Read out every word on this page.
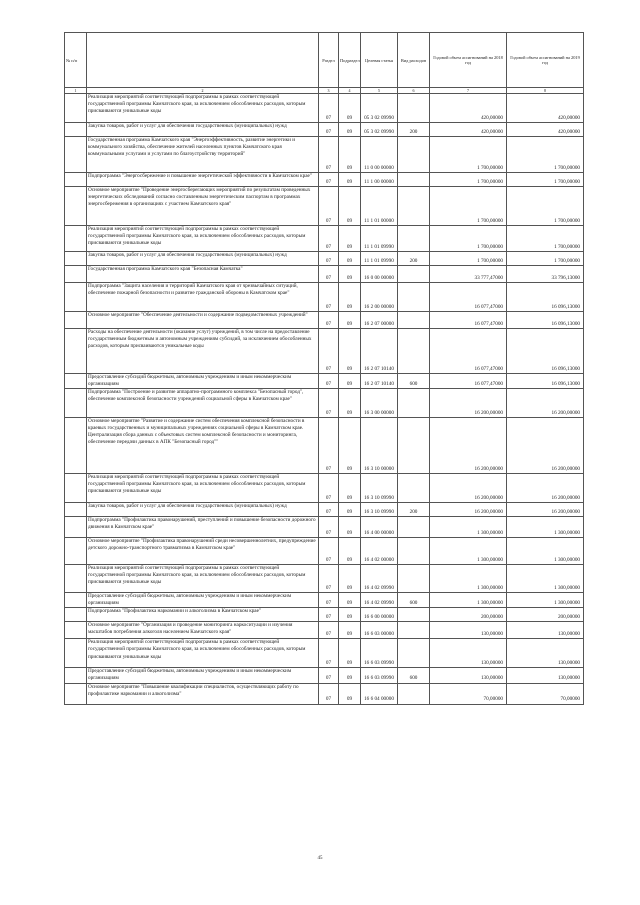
№ п/п		Раздел	Подраздел	Целевая статья	Вид расходов	Годовой объем ассигнований на 2018 год	Годовой объем ассигнований на 2019 год
1	2	3	4	5	6	7	8
	Реализация мероприятий соответствующей подпрограммы в рамках соответствующей государственной программы Камчатского края, за исключением обособленных расходов, которым присваиваются уникальные коды	07	09	05 3 02 09990		420,00000	420,00000
	Закупка товаров, работ и услуг для обеспечения государственных (муниципальных) нужд	07	09	05 3 02 09990	200	420,00000	420,00000
	Государственная программа Камчатского края "Энергоэффективность, развитие энергетики и коммунального хозяйства, обеспечение жителей населенных пунктов Камчатского края коммунальными услугами и услугами по благоустройству территорий"	07	09	11 0 00 00000		1 700,00000	1 700,00000
	Подпрограмма "Энергосбережение и повышение энергетической эффективности в Камчатском крае"	07	09	11 1 00 00000		1 700,00000	1 700,00000
	Основное мероприятие "Проведение энергосберегающих мероприятий по результатам проведенных энергетических обследований согласно составленным энергетическим паспортам в программах энергосбережения в организациях с участием Камчатского края"	07	09	11 1 01 00000		1 700,00000	1 700,00000
	Реализация мероприятий соответствующей подпрограммы в рамках соответствующей государственной программы Камчатского края, за исключением обособленных расходов, которым присваиваются уникальные коды	07	09	11 1 01 09990		1 700,00000	1 700,00000
	Закупка товаров, работ и услуг для обеспечения государственных (муниципальных) нужд	07	09	11 1 01 09990	200	1 700,00000	1 700,00000
	Государственная программа Камчатского края "Безопасная Камчатка"	07	09	16 0 00 00000		33 777,47000	33 796,13000
	Подпрограмма "Защита населения и территорий Камчатского края от чрезвычайных ситуаций, обеспечение пожарной безопасности и развитие гражданской обороны в Камчатском крае"	07	09	16 2 00 00000		16 077,47000	16 096,13000
	Основное мероприятие "Обеспечение деятельности и содержание подведомственных учреждений"	07	09	16 2 07 00000		16 077,47000	16 096,13000
	Расходы на обеспечение деятельности (оказание услуг) учреждений, в том числе на предоставление государственным бюджетным и автономным учреждениям субсидий, за исключением обособленных расходов, которым присваиваются уникальные коды	07	09	16 2 07 10140		16 077,47000	16 096,13000
	Предоставление субсидий бюджетным, автономным учреждениям и иным некоммерческим организациям	07	09	16 2 07 10140	600	16 077,47000	16 096,13000
	Подпрограмма "Построение и развитие аппаратно-программного комплекса "Безопасный город", обеспечение комплексной безопасности учреждений социальной сферы в Камчатском крае"	07	09	16 3 00 00000		16 200,00000	16 200,00000
	Основное мероприятие "Развитие и содержание систем обеспечения комплексной безопасности в краевых государственных и муниципальных учреждениях социальной сферы в Камчатском крае. Централизация сбора данных с объектовых систем комплексной безопасности и мониторинга, обеспечение передачи данных в АПК "Безопасный город""	07	09	16 3 10 00000		16 200,00000	16 200,00000
	Реализация мероприятий соответствующей подпрограммы в рамках соответствующей государственной программы Камчатского края, за исключением обособленных расходов, которым присваиваются уникальные коды	07	09	16 3 10 09990		16 200,00000	16 200,00000
	Закупка товаров, работ и услуг для обеспечения государственных (муниципальных) нужд	07	09	16 3 10 09990	200	16 200,00000	16 200,00000
	Подпрограмма "Профилактика правонарушений, преступлений и повышение безопасности дорожного движения в Камчатском крае"	07	09	16 4 00 00000		1 300,00000	1 300,00000
	Основное мероприятие "Профилактика правонарушений среди несовершеннолетних, предупреждение детского дорожно-транспортного травматизма в Камчатском крае"	07	09	16 4 02 00000		1 300,00000	1 300,00000
	Реализация мероприятий соответствующей подпрограммы в рамках соответствующей государственной программы Камчатского края, за исключением обособленных расходов, которым присваиваются уникальные коды	07	09	16 4 02 09990		1 300,00000	1 300,00000
	Предоставление субсидий бюджетным, автономным учреждениям и иным некоммерческим организациям	07	09	16 4 02 09990	600	1 300,00000	1 300,00000
	Подпрограмма "Профилактика наркомании и алкоголизма в Камчатском крае"	07	09	16 6 00 00000		200,00000	200,00000
	Основное мероприятие "Организация и проведение мониторинга наркоситуации и изучения масштабов потребления алкоголя населением Камчатского края"	07	09	16 6 03 00000		130,00000	130,00000
	Реализация мероприятий соответствующей подпрограммы в рамках соответствующей государственной программы Камчатского края, за исключением обособленных расходов, которым присваиваются уникальные коды	07	09	16 6 03 09990		130,00000	130,00000
	Предоставление субсидий бюджетным, автономным учреждениям и иным некоммерческим организациям	07	09	16 6 03 09990	600	130,00000	130,00000
	Основное мероприятие "Повышение квалификации специалистов, осуществляющих работу по профилактике наркомании и алкоголизма"	07	09	16 6 04 00000		70,00000	70,00000
45
